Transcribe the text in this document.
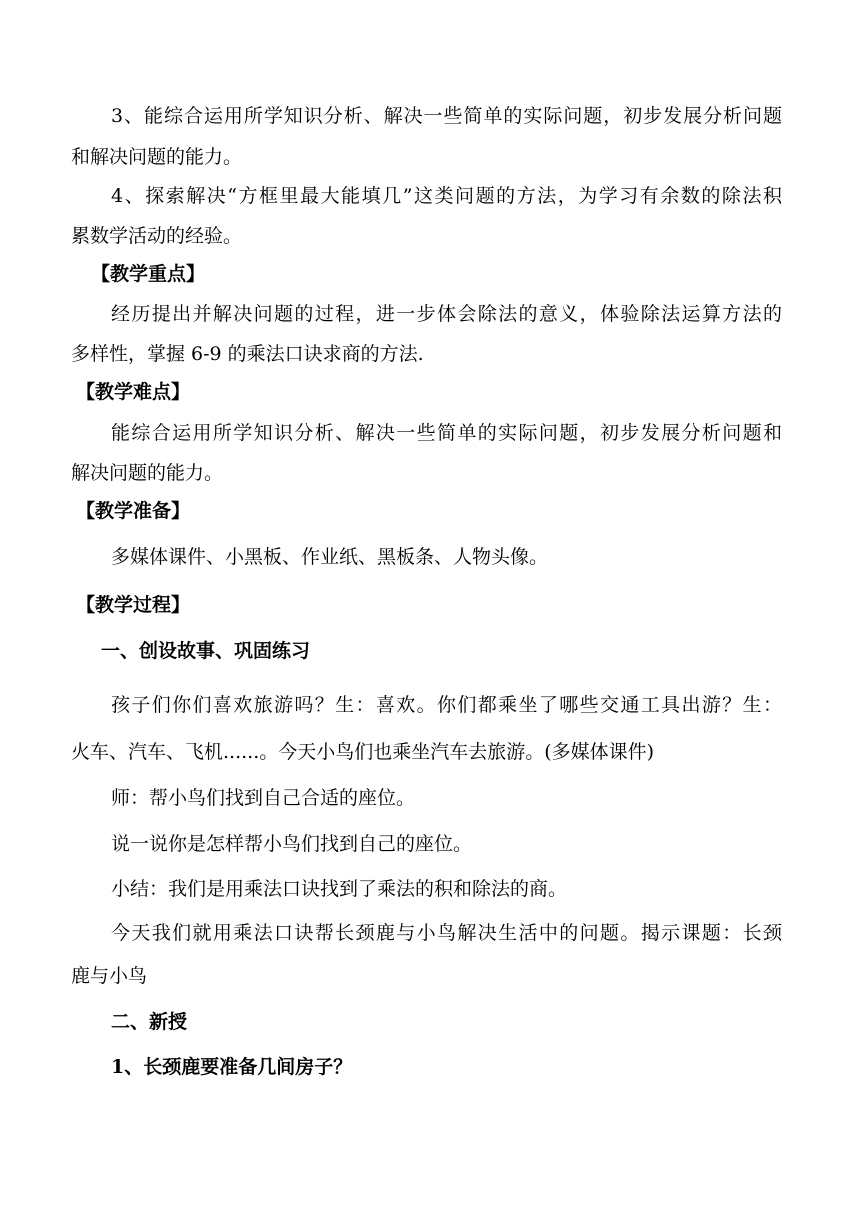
3、能综合运用所学知识分析、解决一些简单的实际问题，初步发展分析问题
和解决问题的能力。
4、探索解决“方框里最大能填几”这类问题的方法，为学习有余数的除法积
累数学活动的经验。
【教学重点】
经历提出并解决问题的过程，进一步体会除法的意义，体验除法运算方法的
多样性，掌握 6-9 的乘法口诀求商的方法.
【教学难点】
能综合运用所学知识分析、解决一些简单的实际问题，初步发展分析问题和
解决问题的能力。
【教学准备】
多媒体课件、小黑板、作业纸、黑板条、人物头像。
【教学过程】
一、创设故事、巩固练习
孩子们你们喜欢旅游吗？生：喜欢。你们都乘坐了哪些交通工具出游？生：
火车、汽车、飞机......。今天小鸟们也乘坐汽车去旅游。(多媒体课件)
师：帮小鸟们找到自己合适的座位。
说一说你是怎样帮小鸟们找到自己的座位。
小结：我们是用乘法口诀找到了乘法的积和除法的商。
今天我们就用乘法口诀帮长颈鹿与小鸟解决生活中的问题。揭示课题：长颈
鹿与小鸟
二、新授
1、长颈鹿要准备几间房子？
